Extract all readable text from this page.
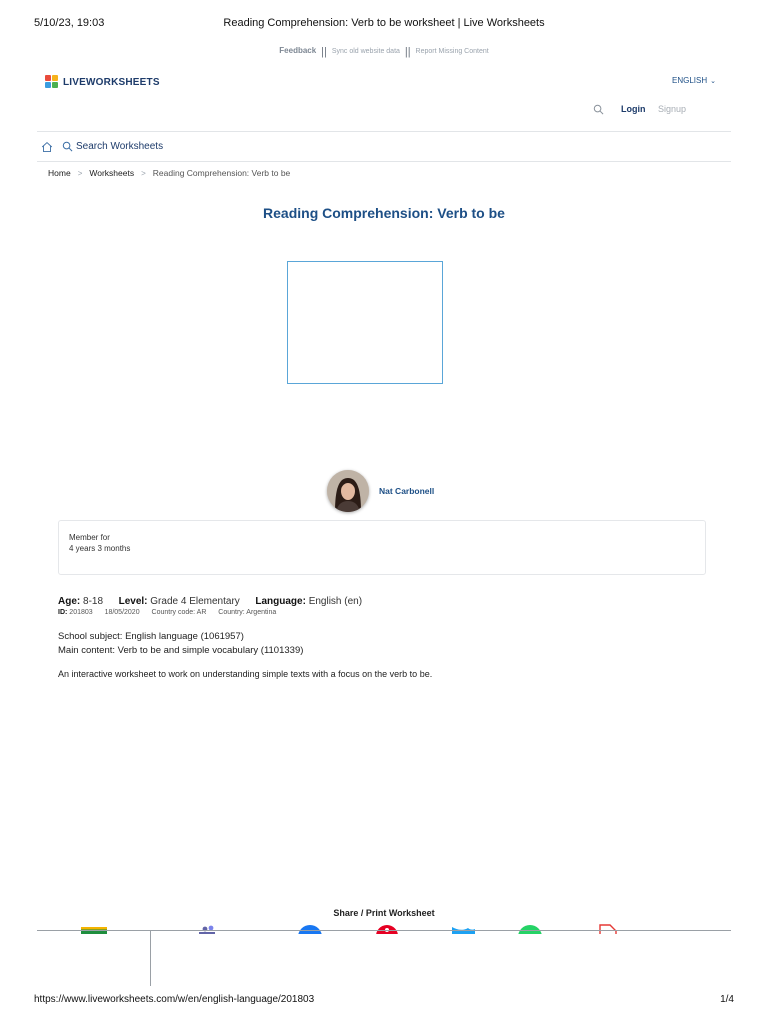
5/10/23, 19:03	Reading Comprehension: Verb to be worksheet | Live Worksheets
Feedback || Sync old website data || Report Missing Content
LIVEWORKSHEETS	ENGLISH ⌄
Login Signup
Search Worksheets
Home > Worksheets > Reading Comprehension: Verb to be
Reading Comprehension: Verb to be
Nat Carbonell
Member for
4 years 3 months
Age: 8-18 Level: Grade 4 Elementary Language: English (en)
ID: 201803 18/05/2020 Country code: AR Country: Argentina
School subject: English language (1061957)
Main content: Verb to be and simple vocabulary (1101339)
An interactive worksheet to work on understanding simple texts with a focus on the verb to be.
Share / Print Worksheet
https://www.liveworksheets.com/w/en/english-language/201803	1/4
